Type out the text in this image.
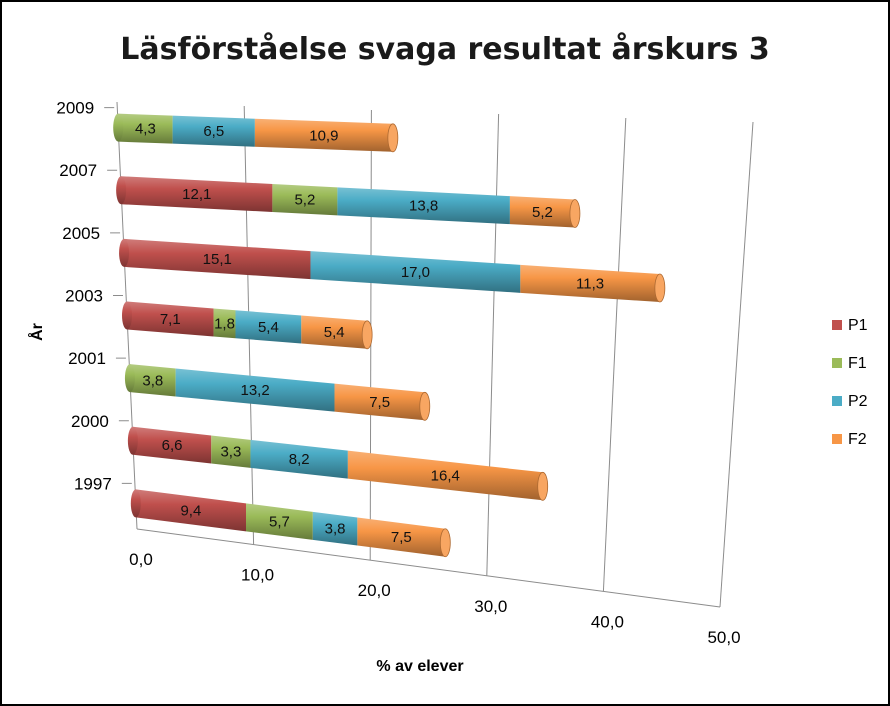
Läsförståelse svaga resultat årskurs 3
4,3	6,5	10,9
12,1	5,2	13,8	5,2
15,1
17,0
11,3
7,1 1,8 5,4	5,4
3,8
13,2
7,5
6,6	3,3	8,2
16,4
9,4
5,7 3,8	7,5
1997
2000
2001
2003
2005
2007
2009
0,0
10,0
20,0
30,0
40,0
50,0
% av elever
År	P1
F1
P2
F2
